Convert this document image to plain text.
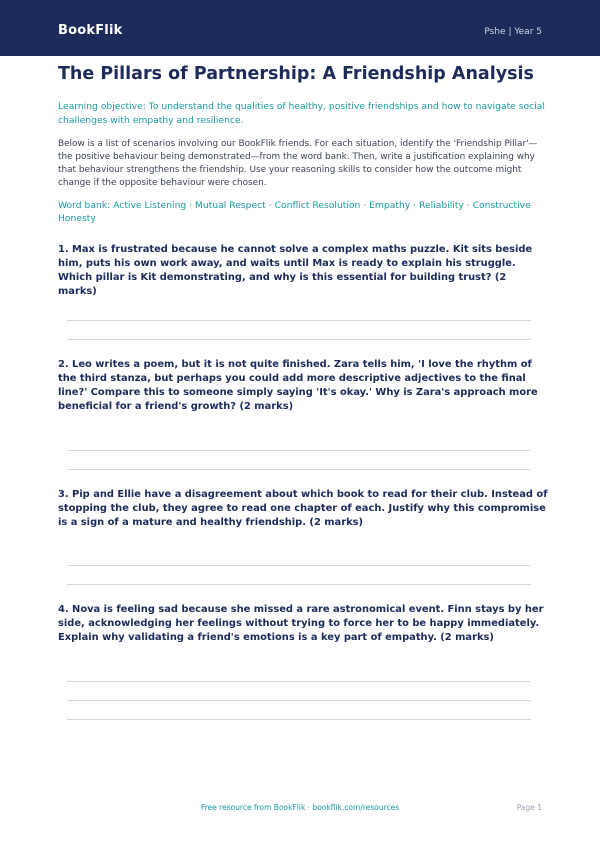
BookFlik	Pshe | Year 5
The Pillars of Partnership: A Friendship Analysis
Learning objective: To understand the qualities of healthy, positive friendships and how to navigate social challenges with empathy and resilience.
Below is a list of scenarios involving our BookFlik friends. For each situation, identify the 'Friendship Pillar'—the positive behaviour being demonstrated—from the word bank. Then, write a justification explaining why that behaviour strengthens the friendship. Use your reasoning skills to consider how the outcome might change if the opposite behaviour were chosen.
Word bank: Active Listening · Mutual Respect · Conflict Resolution · Empathy · Reliability · Constructive Honesty
1. Max is frustrated because he cannot solve a complex maths puzzle. Kit sits beside him, puts his own work away, and waits until Max is ready to explain his struggle. Which pillar is Kit demonstrating, and why is this essential for building trust? (2 marks)
2. Leo writes a poem, but it is not quite finished. Zara tells him, 'I love the rhythm of the third stanza, but perhaps you could add more descriptive adjectives to the final line?' Compare this to someone simply saying 'It's okay.' Why is Zara's approach more beneficial for a friend's growth? (2 marks)
3. Pip and Ellie have a disagreement about which book to read for their club. Instead of stopping the club, they agree to read one chapter of each. Justify why this compromise is a sign of a mature and healthy friendship. (2 marks)
4. Nova is feeling sad because she missed a rare astronomical event. Finn stays by her side, acknowledging her feelings without trying to force her to be happy immediately. Explain why validating a friend's emotions is a key part of empathy. (2 marks)
Free resource from BookFlik · bookflik.com/resources	Page 1
